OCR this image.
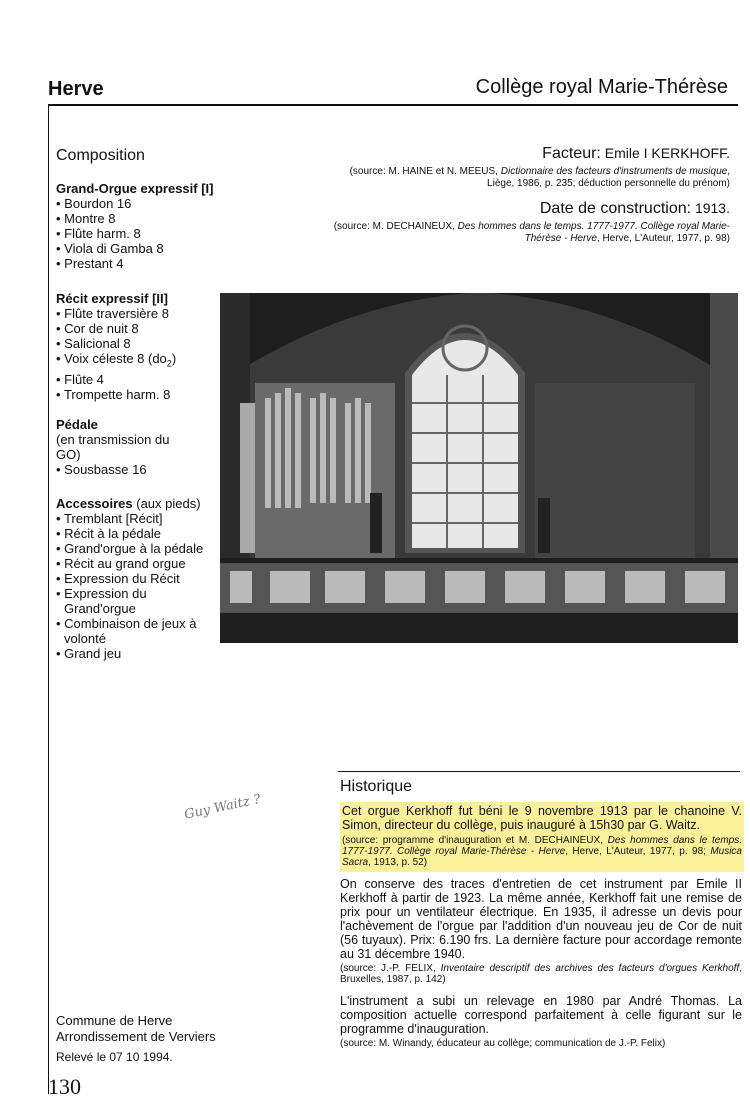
Herve	Collège royal Marie-Thérèse
Composition
Grand-Orgue expressif [I]
• Bourdon 16
• Montre 8
• Flûte harm. 8
• Viola di Gamba 8
• Prestant 4
Récit expressif [II]
• Flûte traversière 8
• Cor de nuit 8
• Salicional 8
• Voix céleste 8 $(do_2)$
• Flûte 4
• Trompette harm. 8
Pédale
(en transmission du GO)
• Sousbasse 16
Accessoires (aux pieds)
• Tremblant [Récit]
• Récit à la pédale
• Grand'orgue à la pédale
• Récit au grand orgue
• Expression du Récit
• Expression du Grand'orgue
• Combinaison de jeux à volonté
• Grand jeu
Facteur: Emile I KERKHOFF.
(source: M. HAINE et N. MEEUS, Dictionnaire des facteurs d'instruments de musique, Liège, 1986, p. 235; déduction personnelle du prénom)
Date de construction: 1913.
(source: M. DECHAINEUX, Des hommes dans le temps. 1777-1977. Collège royal Marie-Thérèse - Herve, Herve, L'Auteur, 1977, p. 98)
Guy Waitz ?
Historique
Cet orgue Kerkhoff fut béni le 9 novembre 1913 par le chanoine V. Simon, directeur du collège, puis inauguré à 15h30 par G. Waitz.
(source: programme d'inauguration et M. DECHAINEUX, Des hommes dans le temps. 1777-1977. Collège royal Marie-Thérèse - Herve, Herve, L'Auteur, 1977, p. 98; Musica Sacra, 1913, p. 52)
On conserve des traces d'entretien de cet instrument par Emile II Kerkhoff à partir de 1923. La même année, Kerkhoff fait une remise de prix pour un ventilateur électrique. En 1935, il adresse un devis pour l'achèvement de l'orgue par l'addition d'un nouveau jeu de Cor de nuit (56 tuyaux). Prix: 6.190 frs. La dernière facture pour accordage remonte au 31 décembre 1940.
(source: J.-P. FELIX, Inventaire descriptif des archives des facteurs d'orgues Kerkhoff, Bruxelles, 1987, p. 142)
L'instrument a subi un relevage en 1980 par André Thomas. La composition actuelle correspond parfaitement à celle figurant sur le programme d'inauguration.
(source: M. Winandy, éducateur au collège; communication de J.-P. Felix)
Commune de Herve
Arrondissement de Verviers
Relevé le 07 10 1994.
130
